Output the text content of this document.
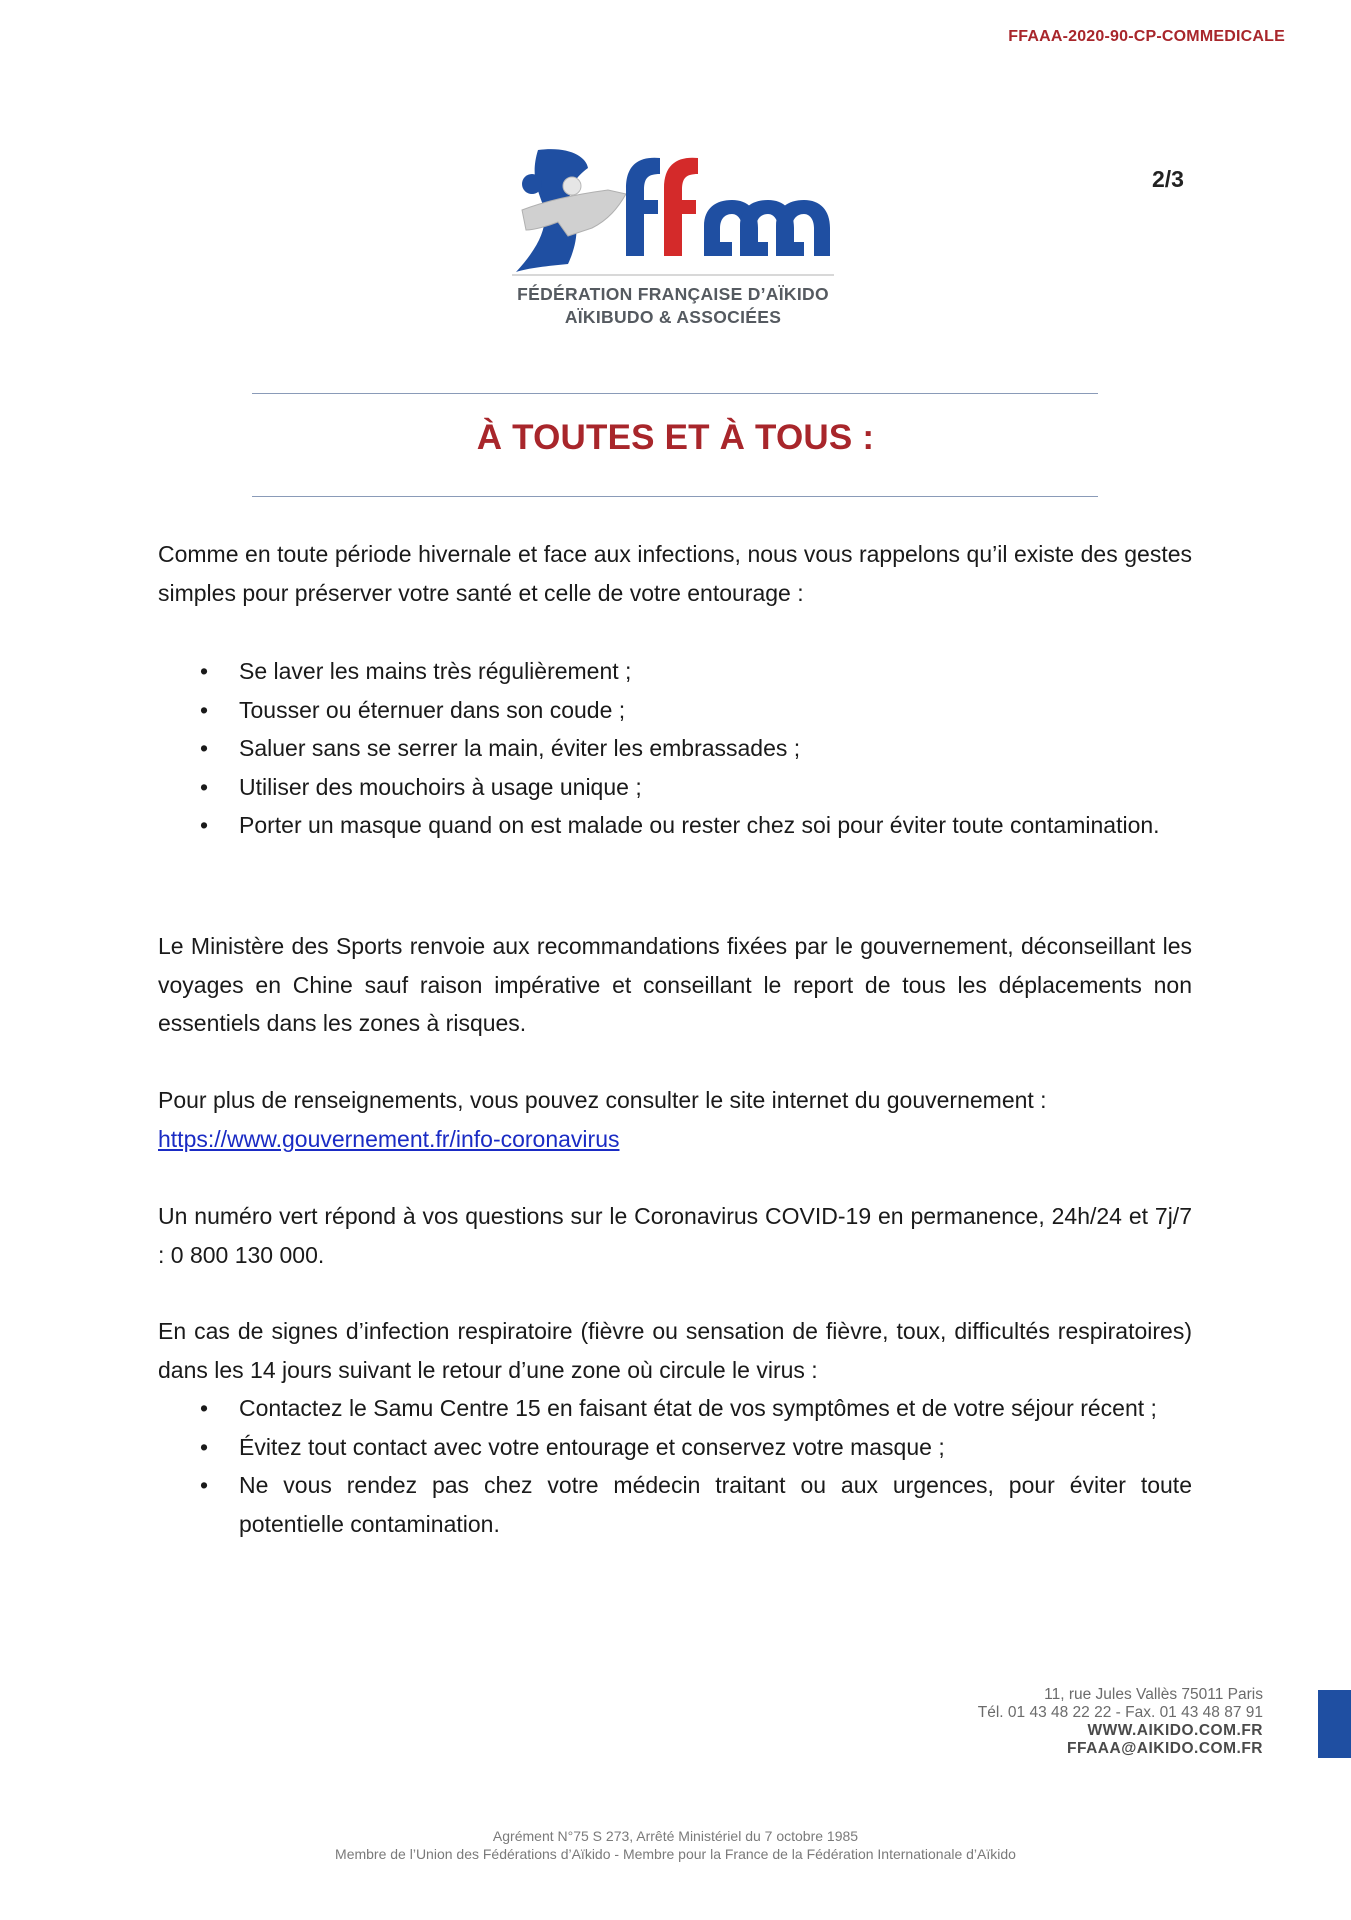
FFAAA-2020-90-CP-COMMEDICALE
FÉDÉRATION FRANÇAISE D’AÏKIDO
AÏKIBUDO & ASSOCIÉES
2/3
À TOUTES ET À TOUS :

Comme en toute période hivernale et face aux infections, nous vous rappelons qu’il existe des gestes simples pour préserver votre santé et celle de votre entourage :

• Se laver les mains très régulièrement ;
• Tousser ou éternuer dans son coude ;
• Saluer sans se serrer la main, éviter les embrassades ;
• Utiliser des mouchoirs à usage unique ;
• Porter un masque quand on est malade ou rester chez soi pour éviter toute contamination.

Le Ministère des Sports renvoie aux recommandations fixées par le gouvernement, déconseillant les voyages en Chine sauf raison impérative et conseillant le report de tous les déplacements non essentiels dans les zones à risques.

Pour plus de renseignements, vous pouvez consulter le site internet du gouvernement :

https://www.gouvernement.fr/info-coronavirus

Un numéro vert répond à vos questions sur le Coronavirus COVID-19 en permanence, 24h/24 et 7j/7 : 0 800 130 000.

En cas de signes d’infection respiratoire (fièvre ou sensation de fièvre, toux, difficultés respiratoires) dans les 14 jours suivant le retour d’une zone où circule le virus :

• Contactez le Samu Centre 15 en faisant état de vos symptômes et de votre séjour récent ;
• Évitez tout contact avec votre entourage et conservez votre masque ;
• Ne vous rendez pas chez votre médecin traitant ou aux urgences, pour éviter toute potentielle contamination.
11, rue Jules Vallès 75011 Paris
Tél. 01 43 48 22 22 - Fax. 01 43 48 87 91
WWW.AIKIDO.COM.FR
FFAAA@AIKIDO.COM.FR
Agrément N°75 S 273, Arrêté Ministériel du 7 octobre 1985
Membre de l’Union des Fédérations d’Aïkido - Membre pour la France de la Fédération Internationale d’Aïkido
